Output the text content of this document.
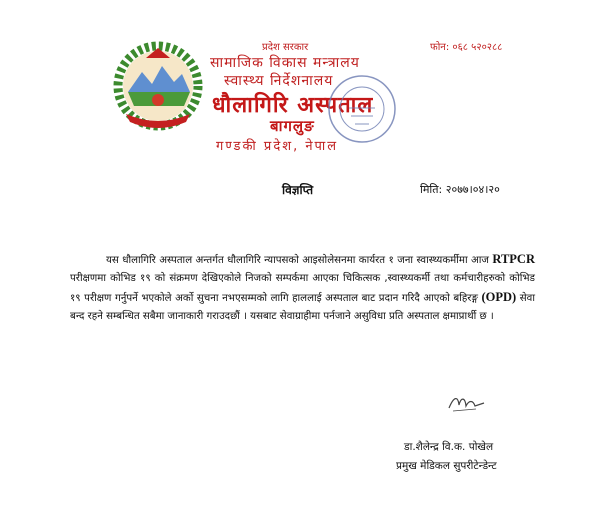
प्रदेश सरकार	फोन: ०६८ ५२०२८८
सामाजिक विकास मन्त्रालय
स्वास्थ्य निर्देशनालय
धौलागिरि अस्पताल
बागलुङ
गण्डकी प्रदेश, नेपाल
विज्ञप्ति	मिति: २०७७।०४।२०
यस धौलागिरि अस्पताल अन्तर्गत धौलागिरि न्यापसको आइसोलेसनमा कार्यरत १ जना स्वास्थ्यकर्मीमा आज RTPCR परीक्षणमा कोभिड १९ को संक्रमण देखिएकोले निजको सम्पर्कमा आएका चिकित्सक ,स्वास्थ्यकर्मी तथा कर्मचारीहरुको कोभिड १९ परीक्षण गर्नुपर्ने भएकोले अर्को सुचना नभएसम्मको लागि हाललाई अस्पताल बाट प्रदान गरिदै आएको बहिरङ्ग (OPD) सेवा बन्द रहने सम्बन्धित सबैमा जानाकारी गराउदछौं । यसबाट सेवाग्राहीमा पर्नजाने असुविधा प्रति अस्पताल क्षमाप्रार्थी छ ।
डा.शैलेन्द्र वि.क. पोखेल
प्रमुख मेडिकल सुपरीटेन्डेन्ट
